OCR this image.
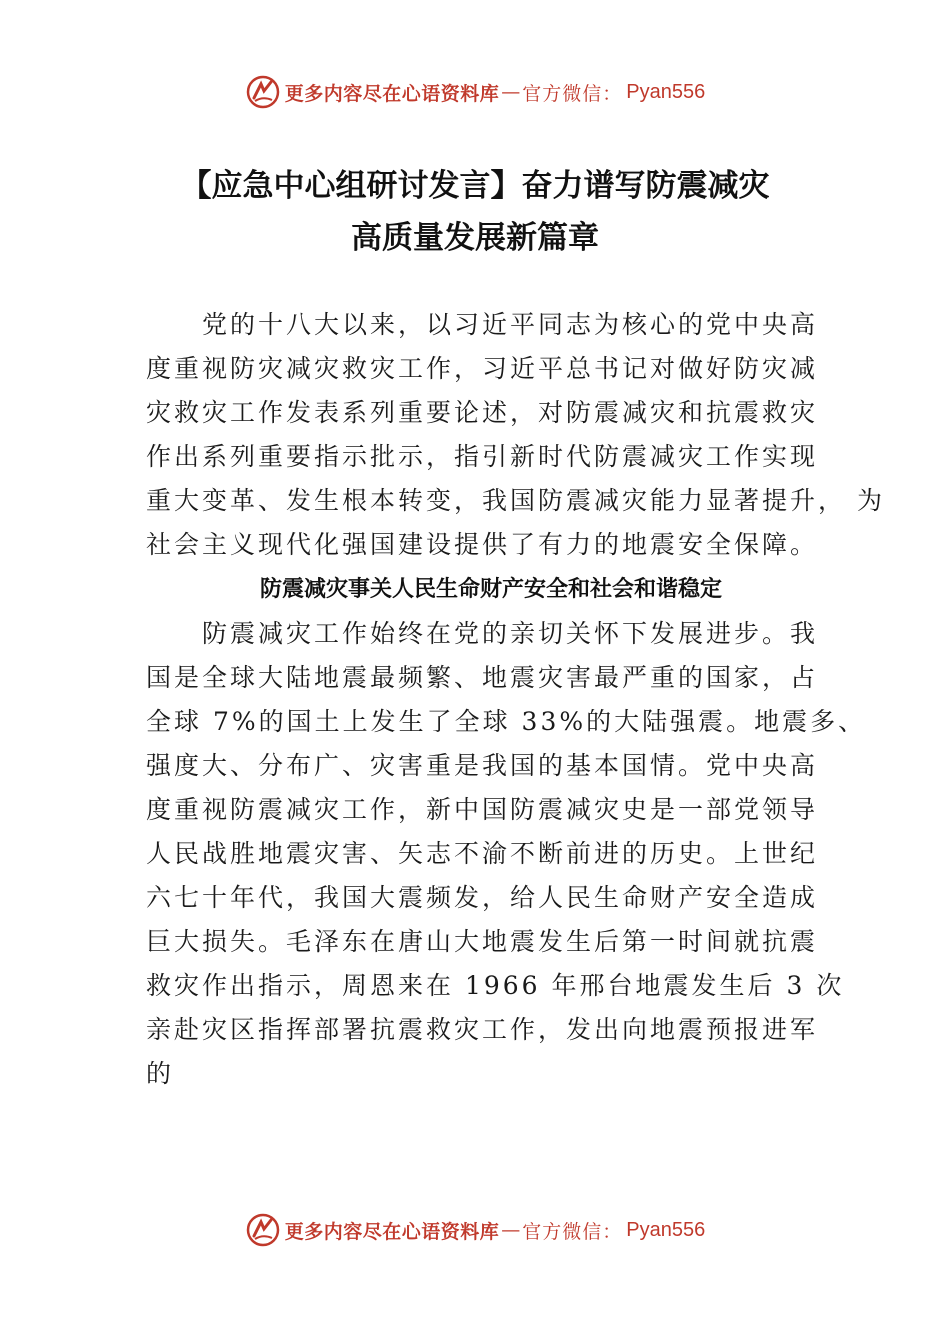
更多内容尽在心语资料库 — 官方微信： Pyan556
【应急中心组研讨发言】奋力谱写防震减灾
高质量发展新篇章

党的十八大以来，以习近平同志为核心的党中央高
度重视防灾减灾救灾工作，习近平总书记对做好防灾减
灾救灾工作发表系列重要论述，对防震减灾和抗震救灾
作出系列重要指示批示，指引新时代防震减灾工作实现
重大变革、发生根本转变，我国防震减灾能力显著提升， 为
社会主义现代化强国建设提供了有力的地震安全保障。

防震减灾事关人民生命财产安全和社会和谐稳定

防震减灾工作始终在党的亲切关怀下发展进步。我
国是全球大陆地震最频繁、地震灾害最严重的国家，占
全球 7%的国土上发生了全球 33%的大陆强震。地震多、
强度大、分布广、灾害重是我国的基本国情。党中央高
度重视防震减灾工作，新中国防震减灾史是一部党领导
人民战胜地震灾害、矢志不渝不断前进的历史。上世纪
六七十年代，我国大震频发，给人民生命财产安全造成
巨大损失。毛泽东在唐山大地震发生后第一时间就抗震
救灾作出指示，周恩来在 1966 年邢台地震发生后 3 次
亲赴灾区指挥部署抗震救灾工作，发出向地震预报进军
的

更多内容尽在心语资料库 — 官方微信： Pyan556
